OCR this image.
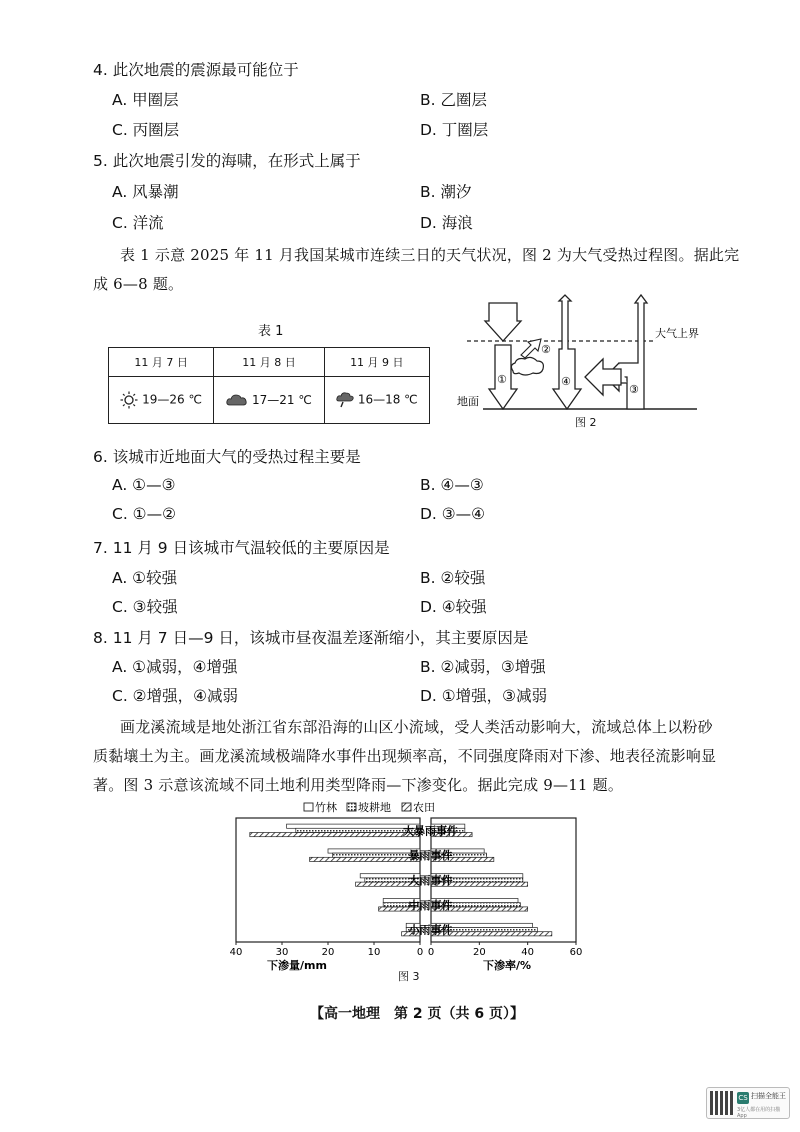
4. 此次地震的震源最可能位于
A. 甲圈层	B. 乙圈层
C. 丙圈层	D. 丁圈层
5. 此次地震引发的海啸，在形式上属于
A. 风暴潮	B. 潮汐
C. 洋流	D. 海浪
表 1 示意 2025 年 11 月我国某城市连续三日的天气状况，图 2 为大气受热过程图。据此完
成 6—8 题。
表 1
11 月 7 日	11 月 8 日	11 月 9 日
19—26 ℃	17—21 ℃	16—18 ℃
①
②
④
③
大气上界
地面
图 2
6. 该城市近地面大气的受热过程主要是
A. ①—③	B. ④—③
C. ①—②	D. ③—④
7. 11 月 9 日该城市气温较低的主要原因是
A. ①较强	B. ②较强
C. ③较强	D. ④较强
8. 11 月 7 日—9 日，该城市昼夜温差逐渐缩小，其主要原因是
A. ①减弱，④增强	B. ②减弱，③增强
C. ②增强，④减弱	D. ①增强，③减弱
画龙溪流域是地处浙江省东部沿海的山区小流域，受人类活动影响大，流域总体上以粉砂
质黏壤土为主。画龙溪流域极端降水事件出现频率高，不同强度降雨对下渗、地表径流影响显
著。图 3 示意该流域不同土地利用类型降雨—下渗变化。据此完成 9—11 题。
竹林 坡耕地 农田
40	30	20	10	0
下渗量/mm
0	20	40	60
下渗率/%
大暴雨事件
暴雨事件
大雨事件
中雨事件
小雨事件
图 3
【高一地理　第 2 页（共 6 页）】
CS 扫描全能王
3亿人都在用的扫描App
